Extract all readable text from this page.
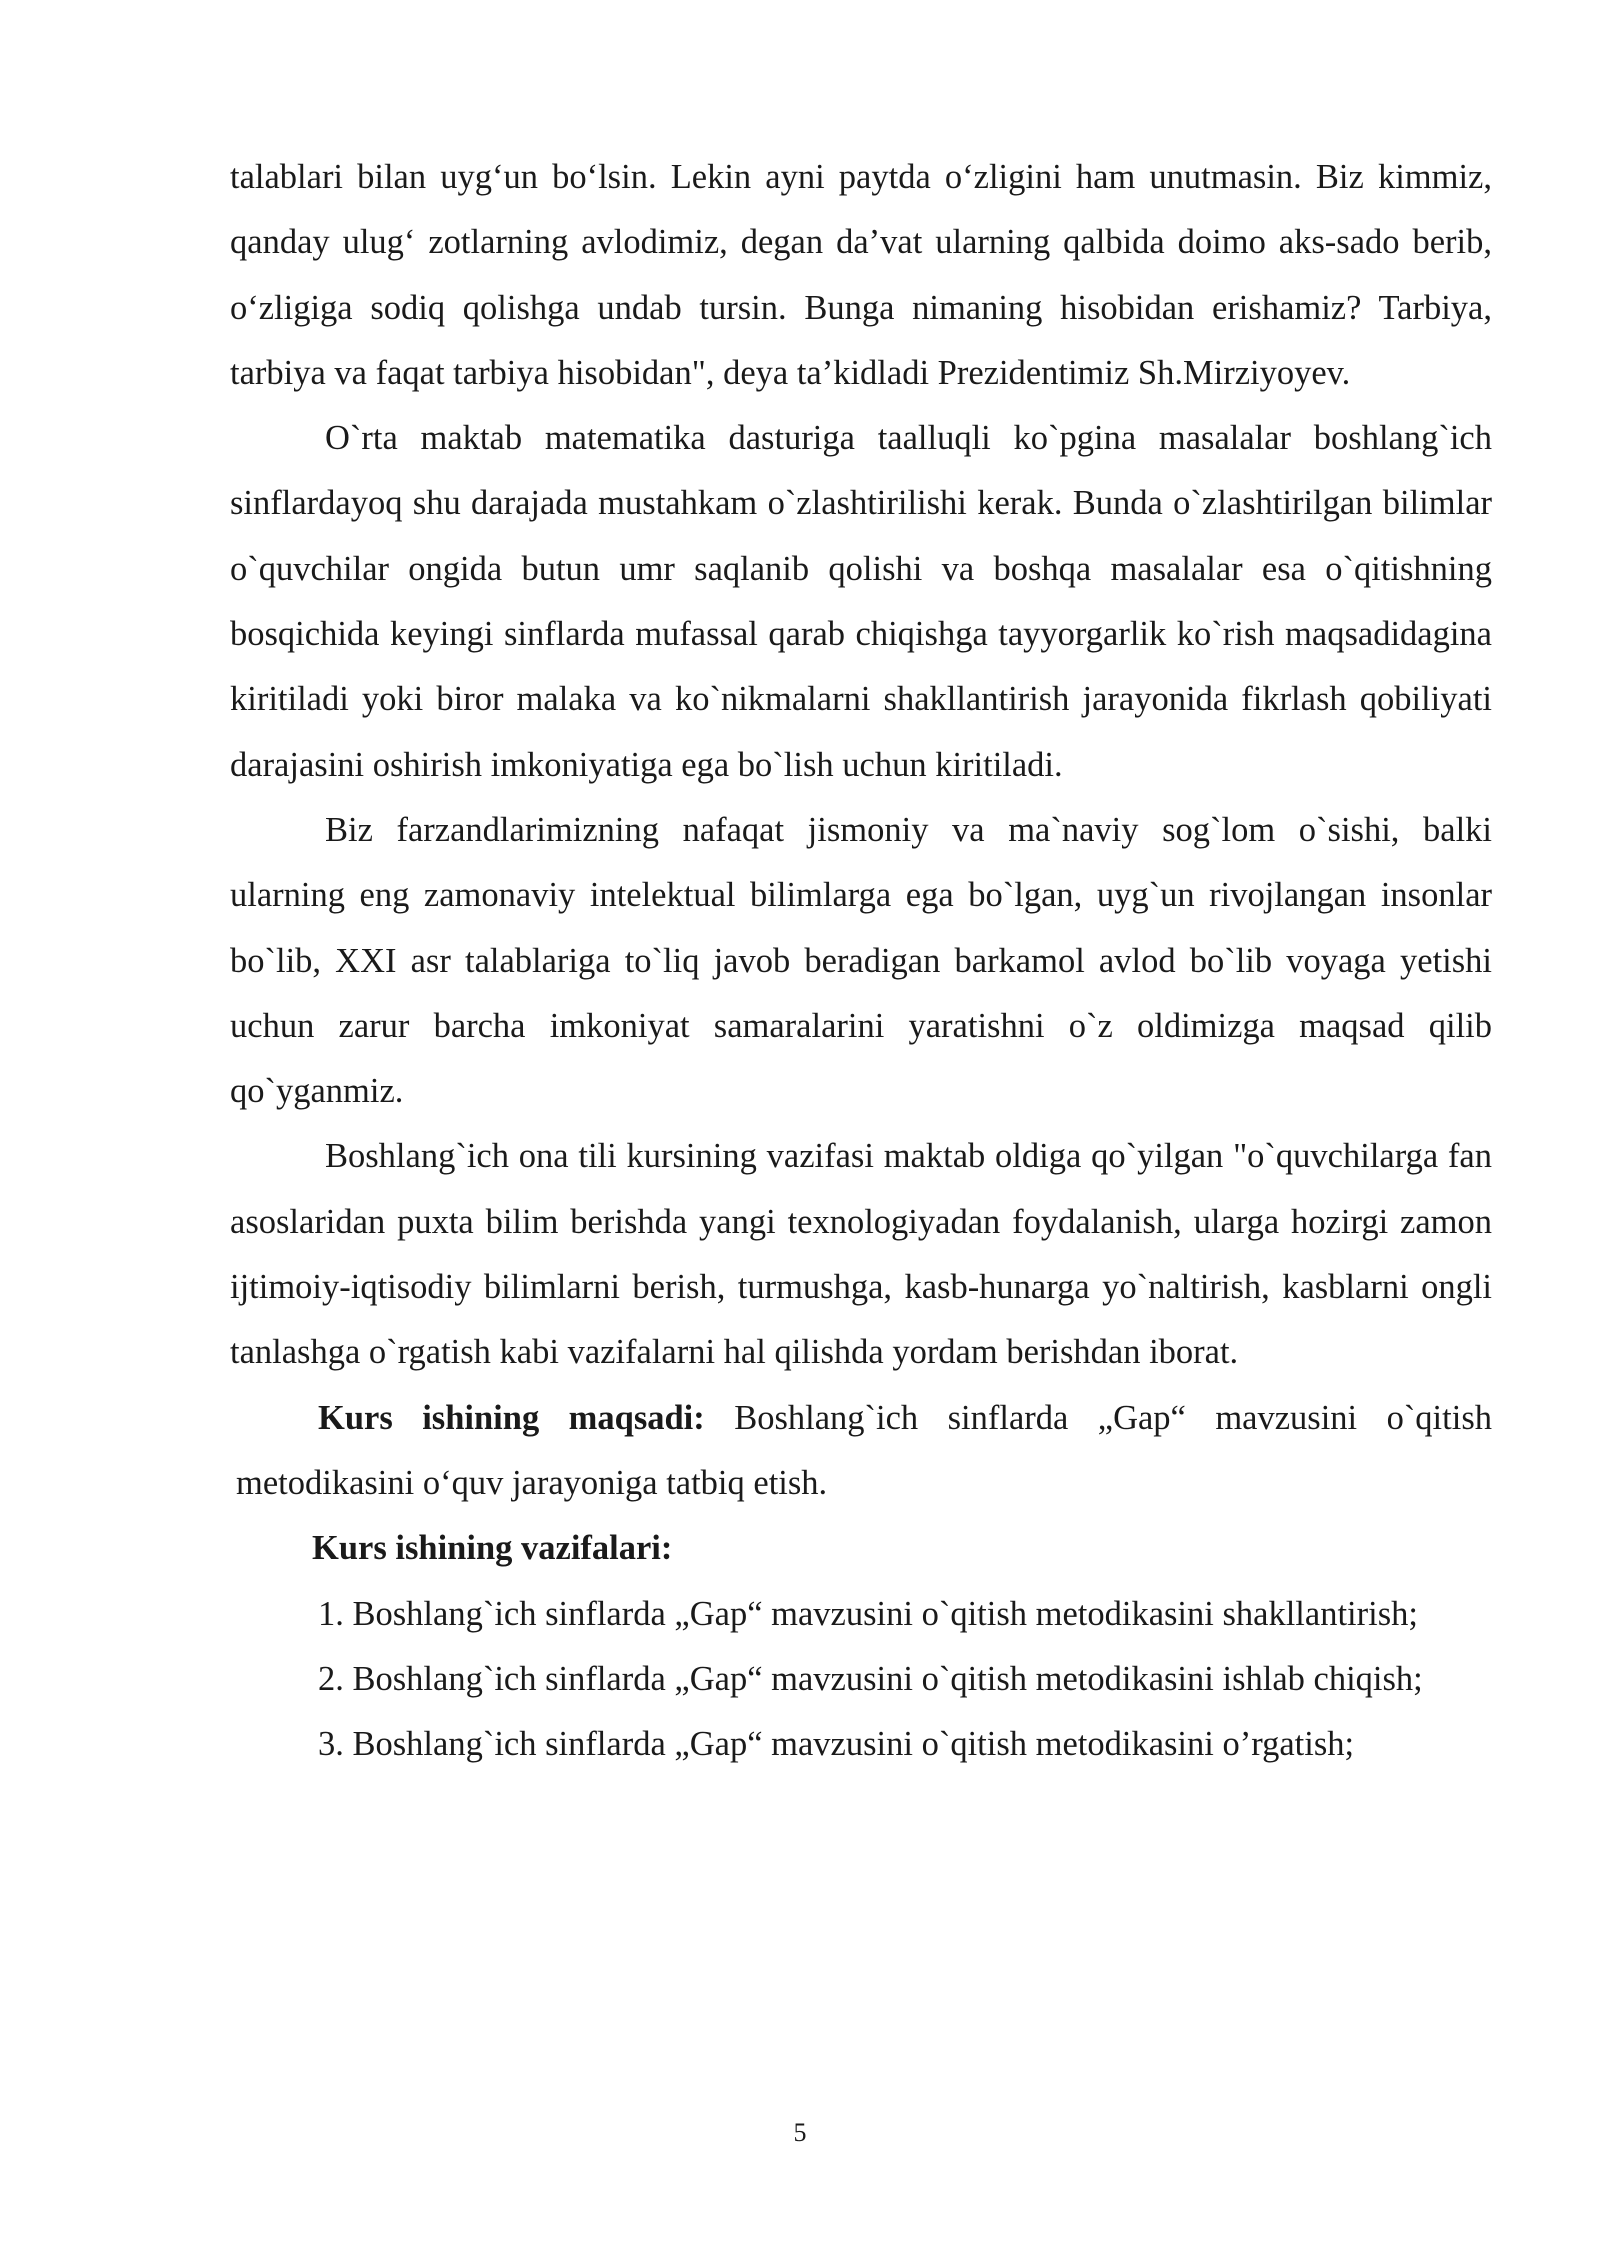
talablari bilan uyg‘un bo‘lsin. Lekin ayni paytda o‘zligini ham unutmasin. Biz kimmiz, qanday ulug‘ zotlarning avlodimiz, degan da’vat ularning qalbida doimo aks-sado berib, o‘zligiga sodiq qolishga undab tursin. Bunga nimaning hisobidan erishamiz? Tarbiya, tarbiya va faqat tarbiya hisobidan", deya ta’kidladi Prezidentimiz Sh.Mirziyoyev.

O`rta maktab matematika dasturiga taalluqli ko`pgina masalalar boshlang`ich sinflardayoq shu darajada mustahkam o`zlashtirilishi kerak. Bunda o`zlashtirilgan bilimlar o`quvchilar ongida butun umr saqlanib qolishi va boshqa masalalar esa o`qitishning bosqichida keyingi sinflarda mufassal qarab chiqishga tayyorgarlik ko`rish maqsadidagina kiritiladi yoki biror malaka va ko`nikmalarni shakllantirish jarayonida fikrlash qobiliyati darajasini oshirish imkoniyatiga ega bo`lish uchun kiritiladi.

Biz farzandlarimizning nafaqat jismoniy va ma`naviy sog`lom o`sishi, balki ularning eng zamonaviy intelektual bilimlarga ega bo`lgan, uyg`un rivojlangan insonlar bo`lib, XXI asr talablariga to`liq javob beradigan barkamol avlod bo`lib voyaga yetishi uchun zarur barcha imkoniyat samaralarini yaratishni o`z oldimizga maqsad qilib qo`yganmiz.

Boshlang`ich ona tili kursining vazifasi maktab oldiga qo`yilgan "o`quvchilarga fan asoslaridan puxta bilim berishda yangi texnologiyadan foydalanish, ularga hozirgi zamon ijtimoiy-iqtisodiy bilimlarni berish, turmushga, kasb-hunarga yo`naltirish, kasblarni ongli tanlashga o`rgatish kabi vazifalarni hal qilishda yordam berishdan iborat.

Kurs ishining maqsadi: Boshlang`ich sinflarda „Gap“ mavzusini o`qitish metodikasini o‘quv jarayoniga tatbiq etish.

Kurs ishining vazifalari:

1. Boshlang`ich sinflarda „Gap“ mavzusini o`qitish metodikasini shakllantirish;

2. Boshlang`ich sinflarda „Gap“ mavzusini o`qitish metodikasini ishlab chiqish;

3. Boshlang`ich sinflarda „Gap“ mavzusini o`qitish metodikasini o’rgatish;

5
